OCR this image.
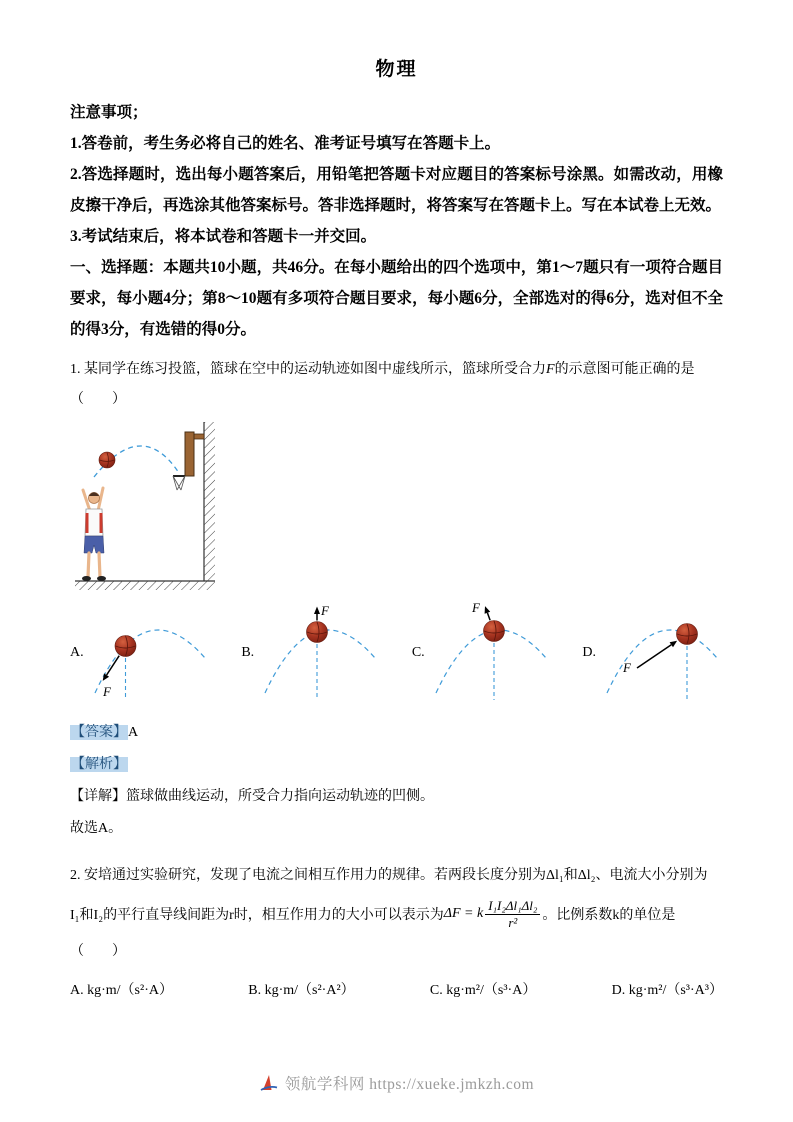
物理

注意事项；

1.答卷前，考生务必将自己的姓名、准考证号填写在答题卡上。

2.答选择题时，选出每小题答案后，用铅笔把答题卡对应题目的答案标号涂黑。如需改动，用橡皮擦干净后，再选涂其他答案标号。答非选择题时，将答案写在答题卡上。写在本试卷上无效。

3.考试结束后，将本试卷和答题卡一并交回。

一、选择题：本题共10小题，共46分。在每小题给出的四个选项中，第1～7题只有一项符合题目要求，每小题4分；第8～10题有多项符合题目要求，每小题6分，全部选对的得6分，选对但不全的得3分，有选错的得0分。

1. 某同学在练习投篮，篮球在空中的运动轨迹如图中虚线所示，篮球所受合力F的示意图可能正确的是

（　　）

A.
F
B.
F
C.
F
D.
F

【答案】A

【解析】

【详解】篮球做曲线运动，所受合力指向运动轨迹的凹侧。

故选A。

2. 安培通过实验研究，发现了电流之间相互作用力的规律。若两段长度分别为Δl₁和Δl₂、电流大小分别为

I₁和I₂的平行直导线间距为r时，相互作用力的大小可以表示为 ΔF = k $\frac{\text{I₁I₂Δl₁Δl₂}}{\text{r²}}$ 。比例系数k的单位是

（　　）

A. kg·m/（s²·A）	B. kg·m/（s²·A²）	C. kg·m²/（s³·A）	D. kg·m²/（s³·A³）
领航学科网 https://xueke.jmkzh.com
